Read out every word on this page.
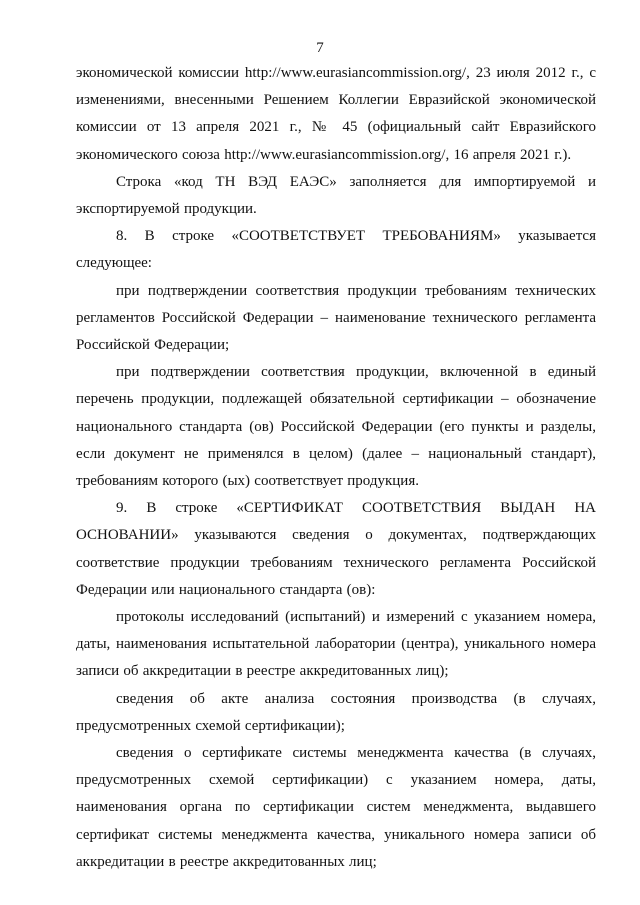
7

экономической комиссии http://www.eurasiancommission.org/, 23 июля 2012 г., с изменениями, внесенными Решением Коллегии Евразийской экономической комиссии от 13 апреля 2021 г., № 45 (официальный сайт Евразийского экономического союза http://www.eurasiancommission.org/, 16 апреля 2021 г.).

Строка «код ТН ВЭД ЕАЭС» заполняется для импортируемой и экспортируемой продукции.

8. В строке «СООТВЕТСТВУЕТ ТРЕБОВАНИЯМ» указывается следующее:

при подтверждении соответствия продукции требованиям технических регламентов Российской Федерации – наименование технического регламента Российской Федерации;

при подтверждении соответствия продукции, включенной в единый перечень продукции, подлежащей обязательной сертификации – обозначение национального стандарта (ов) Российской Федерации (его пункты и разделы, если документ не применялся в целом) (далее – национальный стандарт), требованиям которого (ых) соответствует продукция.

9. В строке «СЕРТИФИКАТ СООТВЕТСТВИЯ ВЫДАН НА ОСНОВАНИИ» указываются сведения о документах, подтверждающих соответствие продукции требованиям технического регламента Российской Федерации или национального стандарта (ов):

протоколы исследований (испытаний) и измерений с указанием номера, даты, наименования испытательной лаборатории (центра), уникального номера записи об аккредитации в реестре аккредитованных лиц);

сведения об акте анализа состояния производства (в случаях, предусмотренных схемой сертификации);

сведения о сертификате системы менеджмента качества (в случаях, предусмотренных схемой сертификации) с указанием номера, даты, наименования органа по сертификации систем менеджмента, выдавшего сертификат системы менеджмента качества, уникального номера записи об аккредитации в реестре аккредитованных лиц;
